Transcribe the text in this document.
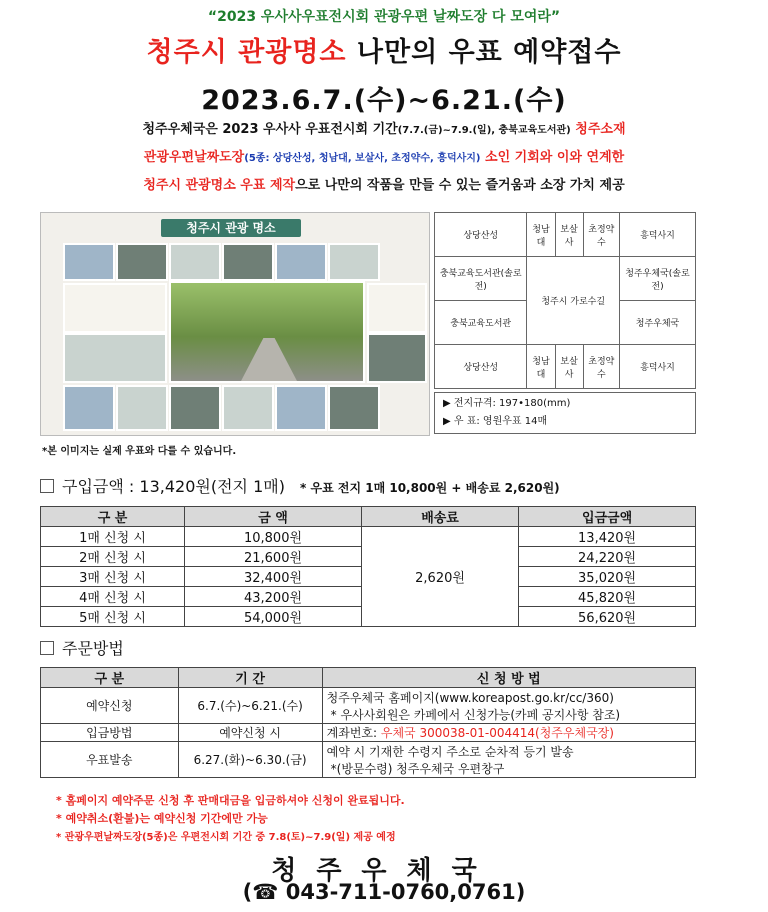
“2023 우사사우표전시회 관광우편 날짜도장 다 모여라”
청주시 관광명소 나만의 우표 예약접수
2023.6.7.(수)~6.21.(수)
청주우체국은 2023 우사사 우표전시회 기간(7.7.(금)~7.9.(일), 충북교육도서관) 청주소재
관광우편날짜도장(5종: 상당산성, 청남대, 보살사, 초정약수, 흥덕사지) 소인 기회와 이와 연계한
청주시 관광명소 우표 제작으로 나만의 작품을 만들 수 있는 즐거움과 소장 가치 제공
청주시 관광 명소
상당산성	청남대	보살사	초정약수	흥덕사지
충북교육도서관(솔로전)	청주시 가로수길			청주우체국(솔로전)
충북교육도서관				청주우체국
상당산성	청남대	보살사	초정약수	흥덕사지
▶ 전지규격: 197•180(mm)
▶ 우 표: 영원우표 14매
*본 이미지는 실제 우표와 다를 수 있습니다.
구입금액 : 13,420원(전지 1매) * 우표 전지 1매 10,800원 + 배송료 2,620원)
구 분	금 액	배송료	입금금액
1매 신청 시	10,800원	2,620원	13,420원
2매 신청 시	21,600원		24,220원
3매 신청 시	32,400원		35,020원
4매 신청 시	43,200원		45,820원
5매 신청 시	54,000원		56,620원
주문방법
구 분	기 간	신 청 방 법
예약신청	6.7.(수)~6.21.(수)	청주우체국 홈페이지(www.koreapost.go.kr/cc/360)
* 우사사회원은 카페에서 신청가능(카페 공지사항 참조)

입금방법	예약신청 시	계좌번호: 우체국 300038-01-004414(청주우체국장)
우표발송	6.27.(화)~6.30.(금)	예약 시 기재한 수령지 주소로 순차적 등기 발송
*(방문수령) 청주우체국 우편창구
* 홈페이지 예약주문 신청 후 판매대금을 입금하셔야 신청이 완료됩니다.
* 예약취소(환불)는 예약신청 기간에만 가능
* 관광우편날짜도장(5종)은 우편전시회 기간 중 7.8(토)~7.9(일) 제공 예정
청주우체국
(☎ 043-711-0760,0761)
